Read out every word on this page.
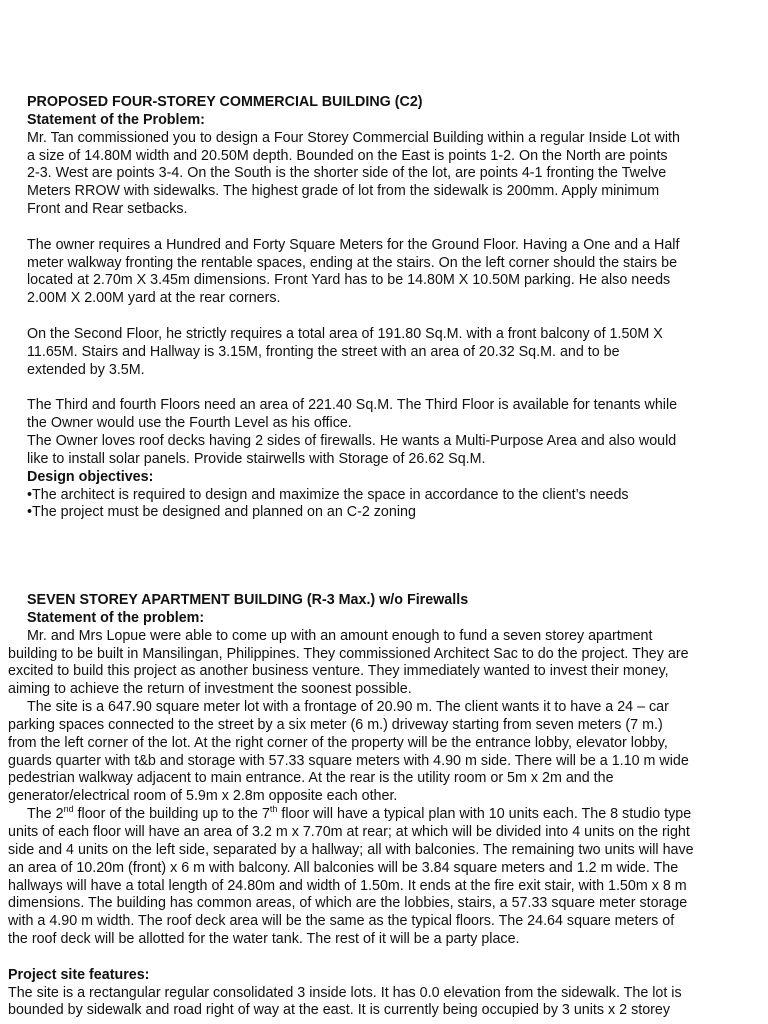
PROPOSED FOUR-STOREY COMMERCIAL BUILDING (C2)

Statement of the Problem:

Mr. Tan commissioned you to design a Four Storey Commercial Building within a regular Inside Lot with

a size of 14.80M width and 20.50M depth. Bounded on the East is points 1-2. On the North are points

2-3. West are points 3-4. On the South is the shorter side of the lot, are points 4-1 fronting the Twelve

Meters RROW with sidewalks. The highest grade of lot from the sidewalk is 200mm. Apply minimum

Front and Rear setbacks.

The owner requires a Hundred and Forty Square Meters for the Ground Floor. Having a One and a Half

meter walkway fronting the rentable spaces, ending at the stairs. On the left corner should the stairs be

located at 2.70m X 3.45m dimensions. Front Yard has to be 14.80M X 10.50M parking. He also needs

2.00M X 2.00M yard at the rear corners.

On the Second Floor, he strictly requires a total area of 191.80 Sq.M. with a front balcony of 1.50M X

11.65M. Stairs and Hallway is 3.15M, fronting the street with an area of 20.32 Sq.M. and to be

extended by 3.5M.

The Third and fourth Floors need an area of 221.40 Sq.M. The Third Floor is available for tenants while

the Owner would use the Fourth Level as his office.

The Owner loves roof decks having 2 sides of firewalls. He wants a Multi-Purpose Area and also would

like to install solar panels. Provide stairwells with Storage of 26.62 Sq.M.

Design objectives:

•The architect is required to design and maximize the space in accordance to the client’s needs

•The project must be designed and planned on an C-2 zoning

SEVEN STOREY APARTMENT BUILDING (R-3 Max.) w/o Firewalls

Statement of the problem:

Mr. and Mrs Lopue were able to come up with an amount enough to fund a seven storey apartment

building to be built in Mansilingan, Philippines. They commissioned Architect Sac to do the project. They are

excited to build this project as another business venture. They immediately wanted to invest their money,

aiming to achieve the return of investment the soonest possible.

The site is a 647.90 square meter lot with a frontage of 20.90 m. The client wants it to have a 24 – car

parking spaces connected to the street by a six meter (6 m.) driveway starting from seven meters (7 m.)

from the left corner of the lot. At the right corner of the property will be the entrance lobby, elevator lobby,

guards quarter with t&b and storage with 57.33 square meters with 4.90 m side. There will be a 1.10 m wide

pedestrian walkway adjacent to main entrance. At the rear is the utility room or 5m x 2m and the

generator/electrical room of 5.9m x 2.8m opposite each other.

The 2nd floor of the building up to the 7th floor will have a typical plan with 10 units each. The 8 studio type

units of each floor will have an area of 3.2 m x 7.70m at rear; at which will be divided into 4 units on the right

side and 4 units on the left side, separated by a hallway; all with balconies. The remaining two units will have

an area of 10.20m (front) x 6 m with balcony. All balconies will be 3.84 square meters and 1.2 m wide. The

hallways will have a total length of 24.80m and width of 1.50m. It ends at the fire exit stair, with 1.50m x 8 m

dimensions. The building has common areas, of which are the lobbies, stairs, a 57.33 square meter storage

with a 4.90 m width. The roof deck area will be the same as the typical floors. The 24.64 square meters of

the roof deck will be allotted for the water tank. The rest of it will be a party place.

Project site features:

The site is a rectangular regular consolidated 3 inside lots. It has 0.0 elevation from the sidewalk. The lot is

bounded by sidewalk and road right of way at the east. It is currently being occupied by 3 units x 2 storey
